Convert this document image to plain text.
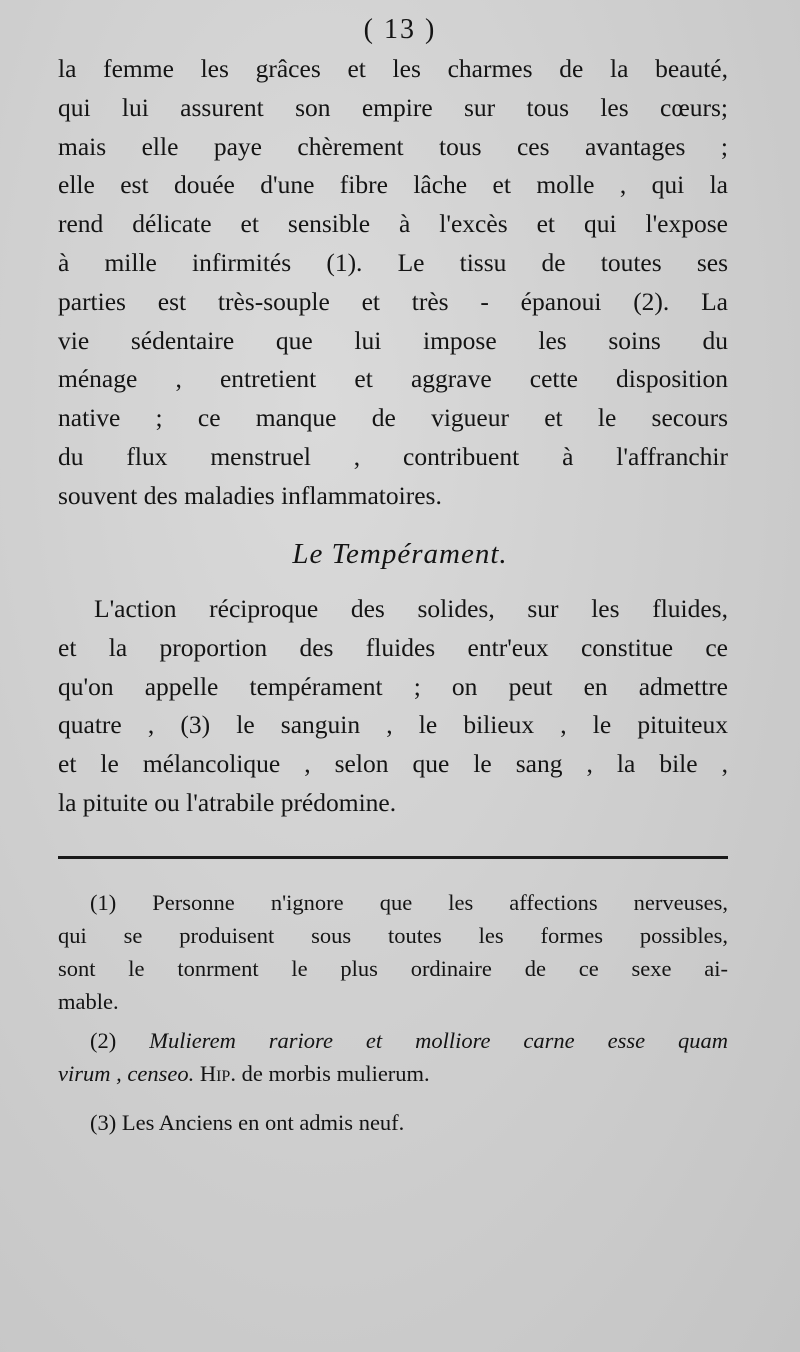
( 13 )
la femme les grâces et les charmes de la beauté,
qui lui assurent son empire sur tous les cœurs;
mais elle paye chèrement tous ces avantages ;
elle est douée d'une fibre lâche et molle , qui la
rend délicate et sensible à l'excès et qui l'expose
à mille infirmités (1). Le tissu de toutes ses
parties est très-souple et très - épanoui (2). La
vie sédentaire que lui impose les soins du
ménage , entretient et aggrave cette disposition
native ; ce manque de vigueur et le secours
du flux menstruel , contribuent à l'affranchir
souvent des maladies inflammatoires.
Le Tempérament.
L'action réciproque des solides, sur les fluides,
et la proportion des fluides entr'eux constitue ce
qu'on appelle tempérament ; on peut en admettre
quatre , (3) le sanguin , le bilieux , le pituiteux
et le mélancolique , selon que le sang , la bile ,
la pituite ou l'atrabile prédomine.
(1) Personne n'ignore que les affections nerveuses,
qui se produisent sous toutes les formes possibles,
sont le tonrment le plus ordinaire de ce sexe ai-
mable.
(2) Mulierem rariore et molliore carne esse quam
virum , censeo. Hip. de morbis mulierum.
(3) Les Anciens en ont admis neuf.
